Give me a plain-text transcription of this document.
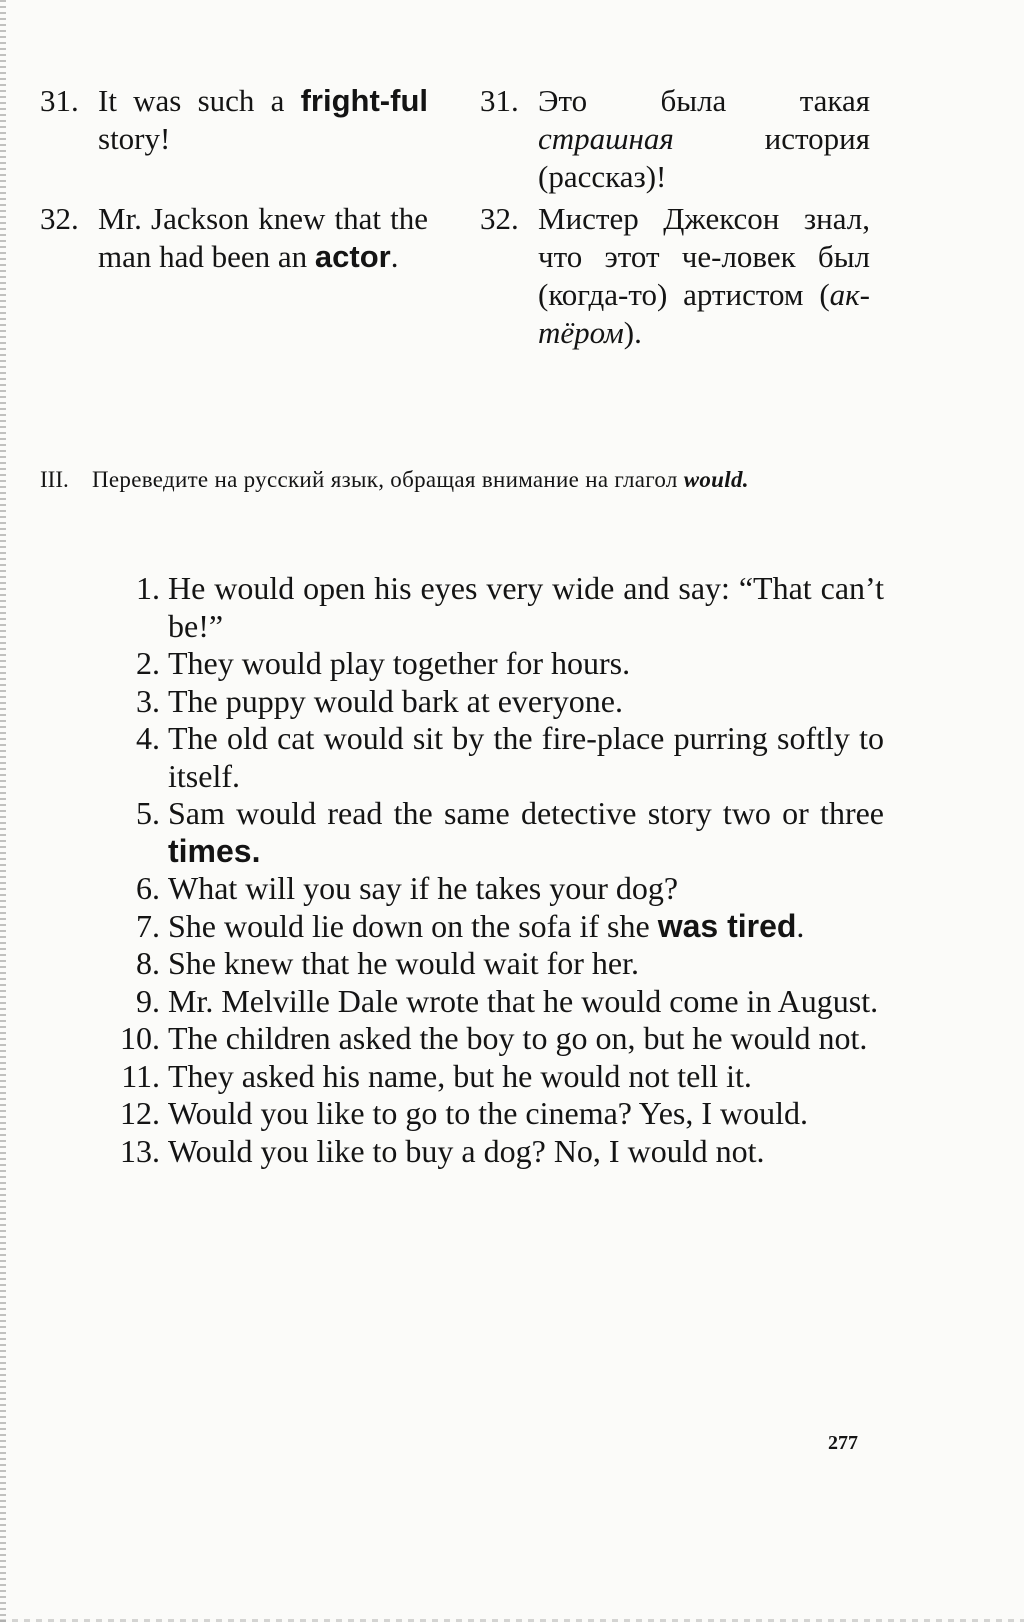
31. It was such a fright-ful story!
31. Это была такая страшная история (рассказ)!
32. Mr. Jackson knew that the man had been an actor.
32. Мистер Джексон знал, что этот че-ловек был (когда-то) артистом (ак-тёром).
III.	Переведите на русский язык, обращая внимание на глагол would.
1. He would open his eyes very wide and say: “That can’t be!”
2. They would play together for hours.
3. The puppy would bark at everyone.
4. The old cat would sit by the fire-place purring softly to itself.
5. Sam would read the same detective story two or three times.
6. What will you say if he takes your dog?
7. She would lie down on the sofa if she was tired.
8. She knew that he would wait for her.
9. Mr. Melville Dale wrote that he would come in August.
10. The children asked the boy to go on, but he would not.
11. They asked his name, but he would not tell it.
12. Would you like to go to the cinema? Yes, I would.
13. Would you like to buy a dog? No, I would not.
277
